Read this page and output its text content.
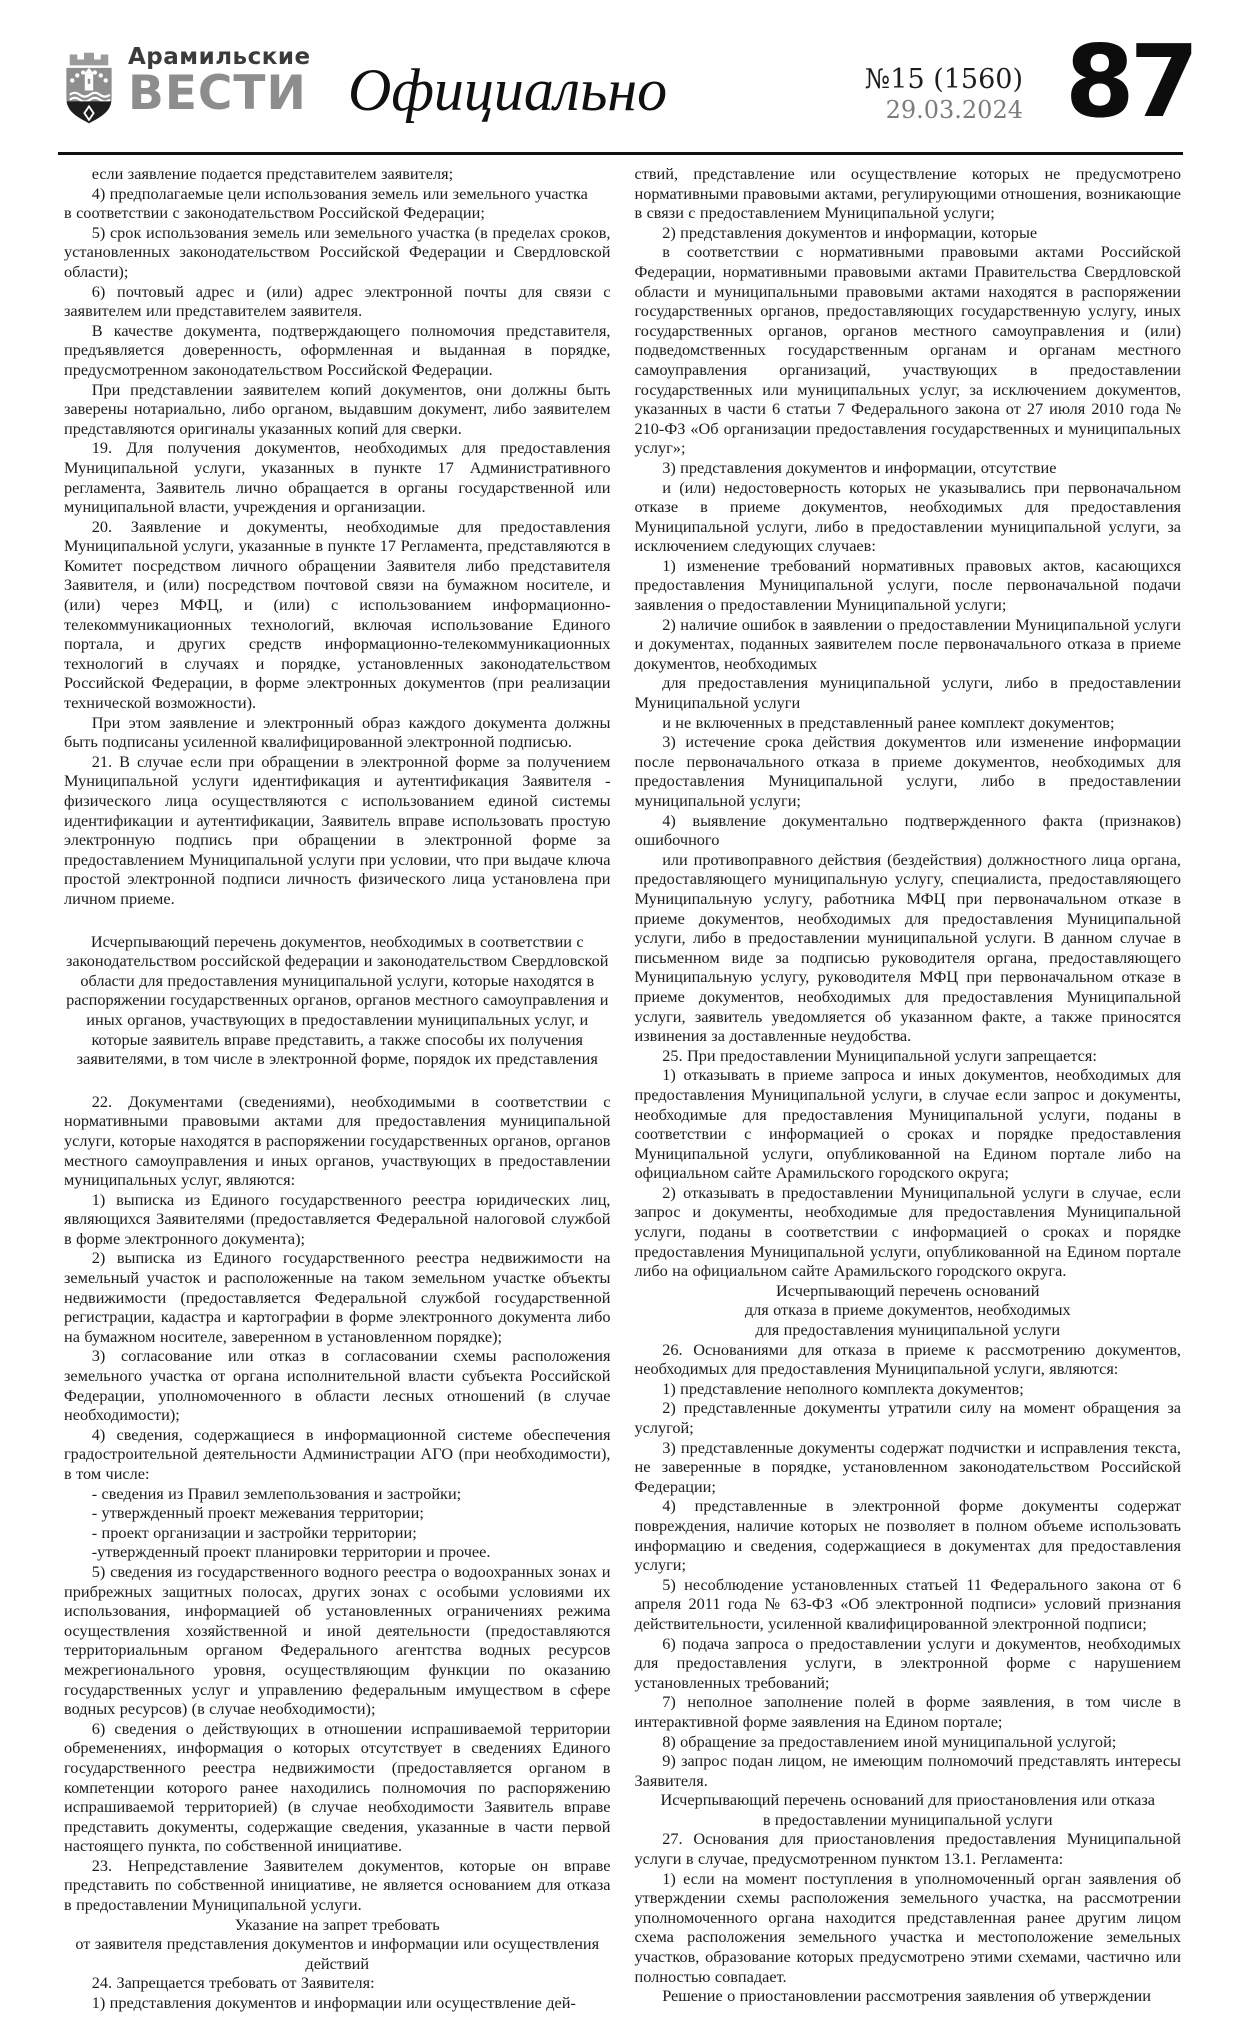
Арамильские
ВЕСТИ Официально	№15 (1560)
29.03.2024 87

если заявление подается представителем заявителя;

4) предполагаемые цели использования земель или земельного участка

в соответствии с законодательством Российской Федерации;

5) срок использования земель или земельного участка (в пределах сроков, установленных законодательством Российской Федерации и Свердловской области);

6) почтовый адрес и (или) адрес электронной почты для связи с заявителем или представителем заявителя.

В качестве документа, подтверждающего полномочия представителя, предъявляется доверенность, оформленная и выданная в порядке, предусмотренном законодательством Российской Федерации.

При представлении заявителем копий документов, они должны быть заверены нотариально, либо органом, выдавшим документ, либо заявителем представляются оригиналы указанных копий для сверки.

19. Для получения документов, необходимых для предоставления Муниципальной услуги, указанных в пункте 17 Административного регламента, Заявитель лично обращается в органы государственной или муниципальной власти, учреждения и организации.

20. Заявление и документы, необходимые для предоставления Муниципальной услуги, указанные в пункте 17 Регламента, представляются в Комитет посредством личного обращении Заявителя либо представителя Заявителя, и (или) посредством почтовой связи на бумажном носителе, и (или) через МФЦ, и (или) с использованием информационно-телекоммуникационных технологий, включая использование Единого портала, и других средств информационно-телекоммуникационных технологий в случаях и порядке, установленных законодательством Российской Федерации, в форме электронных документов (при реализации технической возможности).

При этом заявление и электронный образ каждого документа должны быть подписаны усиленной квалифицированной электронной подписью.

21. В случае если при обращении в электронной форме за получением Муниципальной услуги идентификация и аутентификация Заявителя - физического лица осуществляются с использованием единой системы идентификации и аутентификации, Заявитель вправе использовать простую электронную подпись при обращении в электронной форме за предоставлением Муниципальной услуги при условии, что при выдаче ключа простой электронной подписи личность физического лица установлена при личном приеме.

Исчерпывающий перечень документов, необходимых в соответствии с законодательством российской федерации и законодательством Свердловской области для предоставления муниципальной услуги, которые находятся в распоряжении государственных органов, органов местного самоуправления и иных органов, участвующих в предоставлении муниципальных услуг, и которые заявитель вправе представить, а также способы их получения заявителями, в том числе в электронной форме, порядок их представления

22. Документами (сведениями), необходимыми в соответствии с нормативными правовыми актами для предоставления муниципальной услуги, которые находятся в распоряжении государственных органов, органов местного самоуправления и иных органов, участвующих в предоставлении муниципальных услуг, являются:

1) выписка из Единого государственного реестра юридических лиц, являющихся Заявителями (предоставляется Федеральной налоговой службой в форме электронного документа);

2) выписка из Единого государственного реестра недвижимости на земельный участок и расположенные на таком земельном участке объекты недвижимости (предоставляется Федеральной службой государственной регистрации, кадастра и картографии в форме электронного документа либо на бумажном носителе, заверенном в установленном порядке);

3) согласование или отказ в согласовании схемы расположения земельного участка от органа исполнительной власти субъекта Российской Федерации, уполномоченного в области лесных отношений (в случае необходимости);

4) сведения, содержащиеся в информационной системе обеспечения градостроительной деятельности Администрации АГО (при необходимости), в том числе:

- сведения из Правил землепользования и застройки;

- утвержденный проект межевания территории;

- проект организации и застройки территории;

-утвержденный проект планировки территории и прочее.

5) сведения из государственного водного реестра о водоохранных зонах и прибрежных защитных полосах, других зонах с особыми условиями их использования, информацией об установленных ограничениях режима осуществления хозяйственной и иной деятельности (предоставляются территориальным органом Федерального агентства водных ресурсов межрегионального уровня, осуществляющим функции по оказанию государственных услуг и управлению федеральным имуществом в сфере водных ресурсов) (в случае необходимости);

6) сведения о действующих в отношении испрашиваемой территории обременениях, информация о которых отсутствует в сведениях Единого государственного реестра недвижимости (предоставляется органом в компетенции которого ранее находились полномочия по распоряжению испрашиваемой территорией) (в случае необходимости Заявитель вправе представить документы, содержащие сведения, указанные в части первой настоящего пункта, по собственной инициативе.

23. Непредставление Заявителем документов, которые он вправе представить по собственной инициативе, не является основанием для отказа в предоставлении Муниципальной услуги.

Указание на запрет требовать

от заявителя представления документов и информации или осуществления действий

24. Запрещается требовать от Заявителя:

1) представления документов и информации или осуществление дей-

ствий, представление или осуществление которых не предусмотрено нормативными правовыми актами, регулирующими отношения, возникающие в связи с предоставлением Муниципальной услуги;

2) представления документов и информации, которые

в соответствии с нормативными правовыми актами Российской Федерации, нормативными правовыми актами Правительства Свердловской области и муниципальными правовыми актами находятся в распоряжении государственных органов, предоставляющих государственную услугу, иных государственных органов, органов местного самоуправления и (или) подведомственных государственным органам и органам местного самоуправления организаций, участвующих в предоставлении государственных или муниципальных услуг, за исключением документов, указанных в части 6 статьи 7 Федерального закона от 27 июля 2010 года № 210-ФЗ «Об организации предоставления государственных и муниципальных услуг»;

3) представления документов и информации, отсутствие

и (или) недостоверность которых не указывались при первоначальном отказе в приеме документов, необходимых для предоставления Муниципальной услуги, либо в предоставлении муниципальной услуги, за исключением следующих случаев:

1) изменение требований нормативных правовых актов, касающихся предоставления Муниципальной услуги, после первоначальной подачи заявления о предоставлении Муниципальной услуги;

2) наличие ошибок в заявлении о предоставлении Муниципальной услуги и документах, поданных заявителем после первоначального отказа в приеме документов, необходимых

для предоставления муниципальной услуги, либо в предоставлении Муниципальной услуги

и не включенных в представленный ранее комплект документов;

3) истечение срока действия документов или изменение информации после первоначального отказа в приеме документов, необходимых для предоставления Муниципальной услуги, либо в предоставлении муниципальной услуги;

4) выявление документально подтвержденного факта (признаков) ошибочного

или противоправного действия (бездействия) должностного лица органа, предоставляющего муниципальную услугу, специалиста, предоставляющего Муниципальную услугу, работника МФЦ при первоначальном отказе в приеме документов, необходимых для предоставления Муниципальной услуги, либо в предоставлении муниципальной услуги. В данном случае в письменном виде за подписью руководителя органа, предоставляющего Муниципальную услугу, руководителя МФЦ при первоначальном отказе в приеме документов, необходимых для предоставления Муниципальной услуги, заявитель уведомляется об указанном факте, а также приносятся извинения за доставленные неудобства.

25. При предоставлении Муниципальной услуги запрещается:

1) отказывать в приеме запроса и иных документов, необходимых для предоставления Муниципальной услуги, в случае если запрос и документы, необходимые для предоставления Муниципальной услуги, поданы в соответствии с информацией о сроках и порядке предоставления Муниципальной услуги, опубликованной на Едином портале либо на официальном сайте Арамильского городского округа;

2) отказывать в предоставлении Муниципальной услуги в случае, если запрос и документы, необходимые для предоставления Муниципальной услуги, поданы в соответствии с информацией о сроках и порядке предоставления Муниципальной услуги, опубликованной на Едином портале либо на официальном сайте Арамильского городского округа.

Исчерпывающий перечень оснований

для отказа в приеме документов, необходимых

для предоставления муниципальной услуги

26. Основаниями для отказа в приеме к рассмотрению документов, необходимых для предоставления Муниципальной услуги, являются:

1) представление неполного комплекта документов;

2) представленные документы утратили силу на момент обращения за услугой;

3) представленные документы содержат подчистки и исправления текста, не заверенные в порядке, установленном законодательством Российской Федерации;

4) представленные в электронной форме документы содержат повреждения, наличие которых не позволяет в полном объеме использовать информацию и сведения, содержащиеся в документах для предоставления услуги;

5) несоблюдение установленных статьей 11 Федерального закона от 6 апреля 2011 года № 63-ФЗ «Об электронной подписи» условий признания действительности, усиленной квалифицированной электронной подписи;

6) подача запроса о предоставлении услуги и документов, необходимых для предоставления услуги, в электронной форме с нарушением установленных требований;

7) неполное заполнение полей в форме заявления, в том числе в интерактивной форме заявления на Едином портале;

8) обращение за предоставлением иной муниципальной услугой;

9) запрос подан лицом, не имеющим полномочий представлять интересы Заявителя.

Исчерпывающий перечень оснований для приостановления или отказа

в предоставлении муниципальной услуги

27. Основания для приостановления предоставления Муниципальной услуги в случае, предусмотренном пунктом 13.1. Регламента:

1) если на момент поступления в уполномоченный орган заявления об утверждении схемы расположения земельного участка, на рассмотрении уполномоченного органа находится представленная ранее другим лицом схема расположения земельного участка и местоположение земельных участков, образование которых предусмотрено этими схемами, частично или полностью совпадает.

Решение о приостановлении рассмотрения заявления об утверждении
